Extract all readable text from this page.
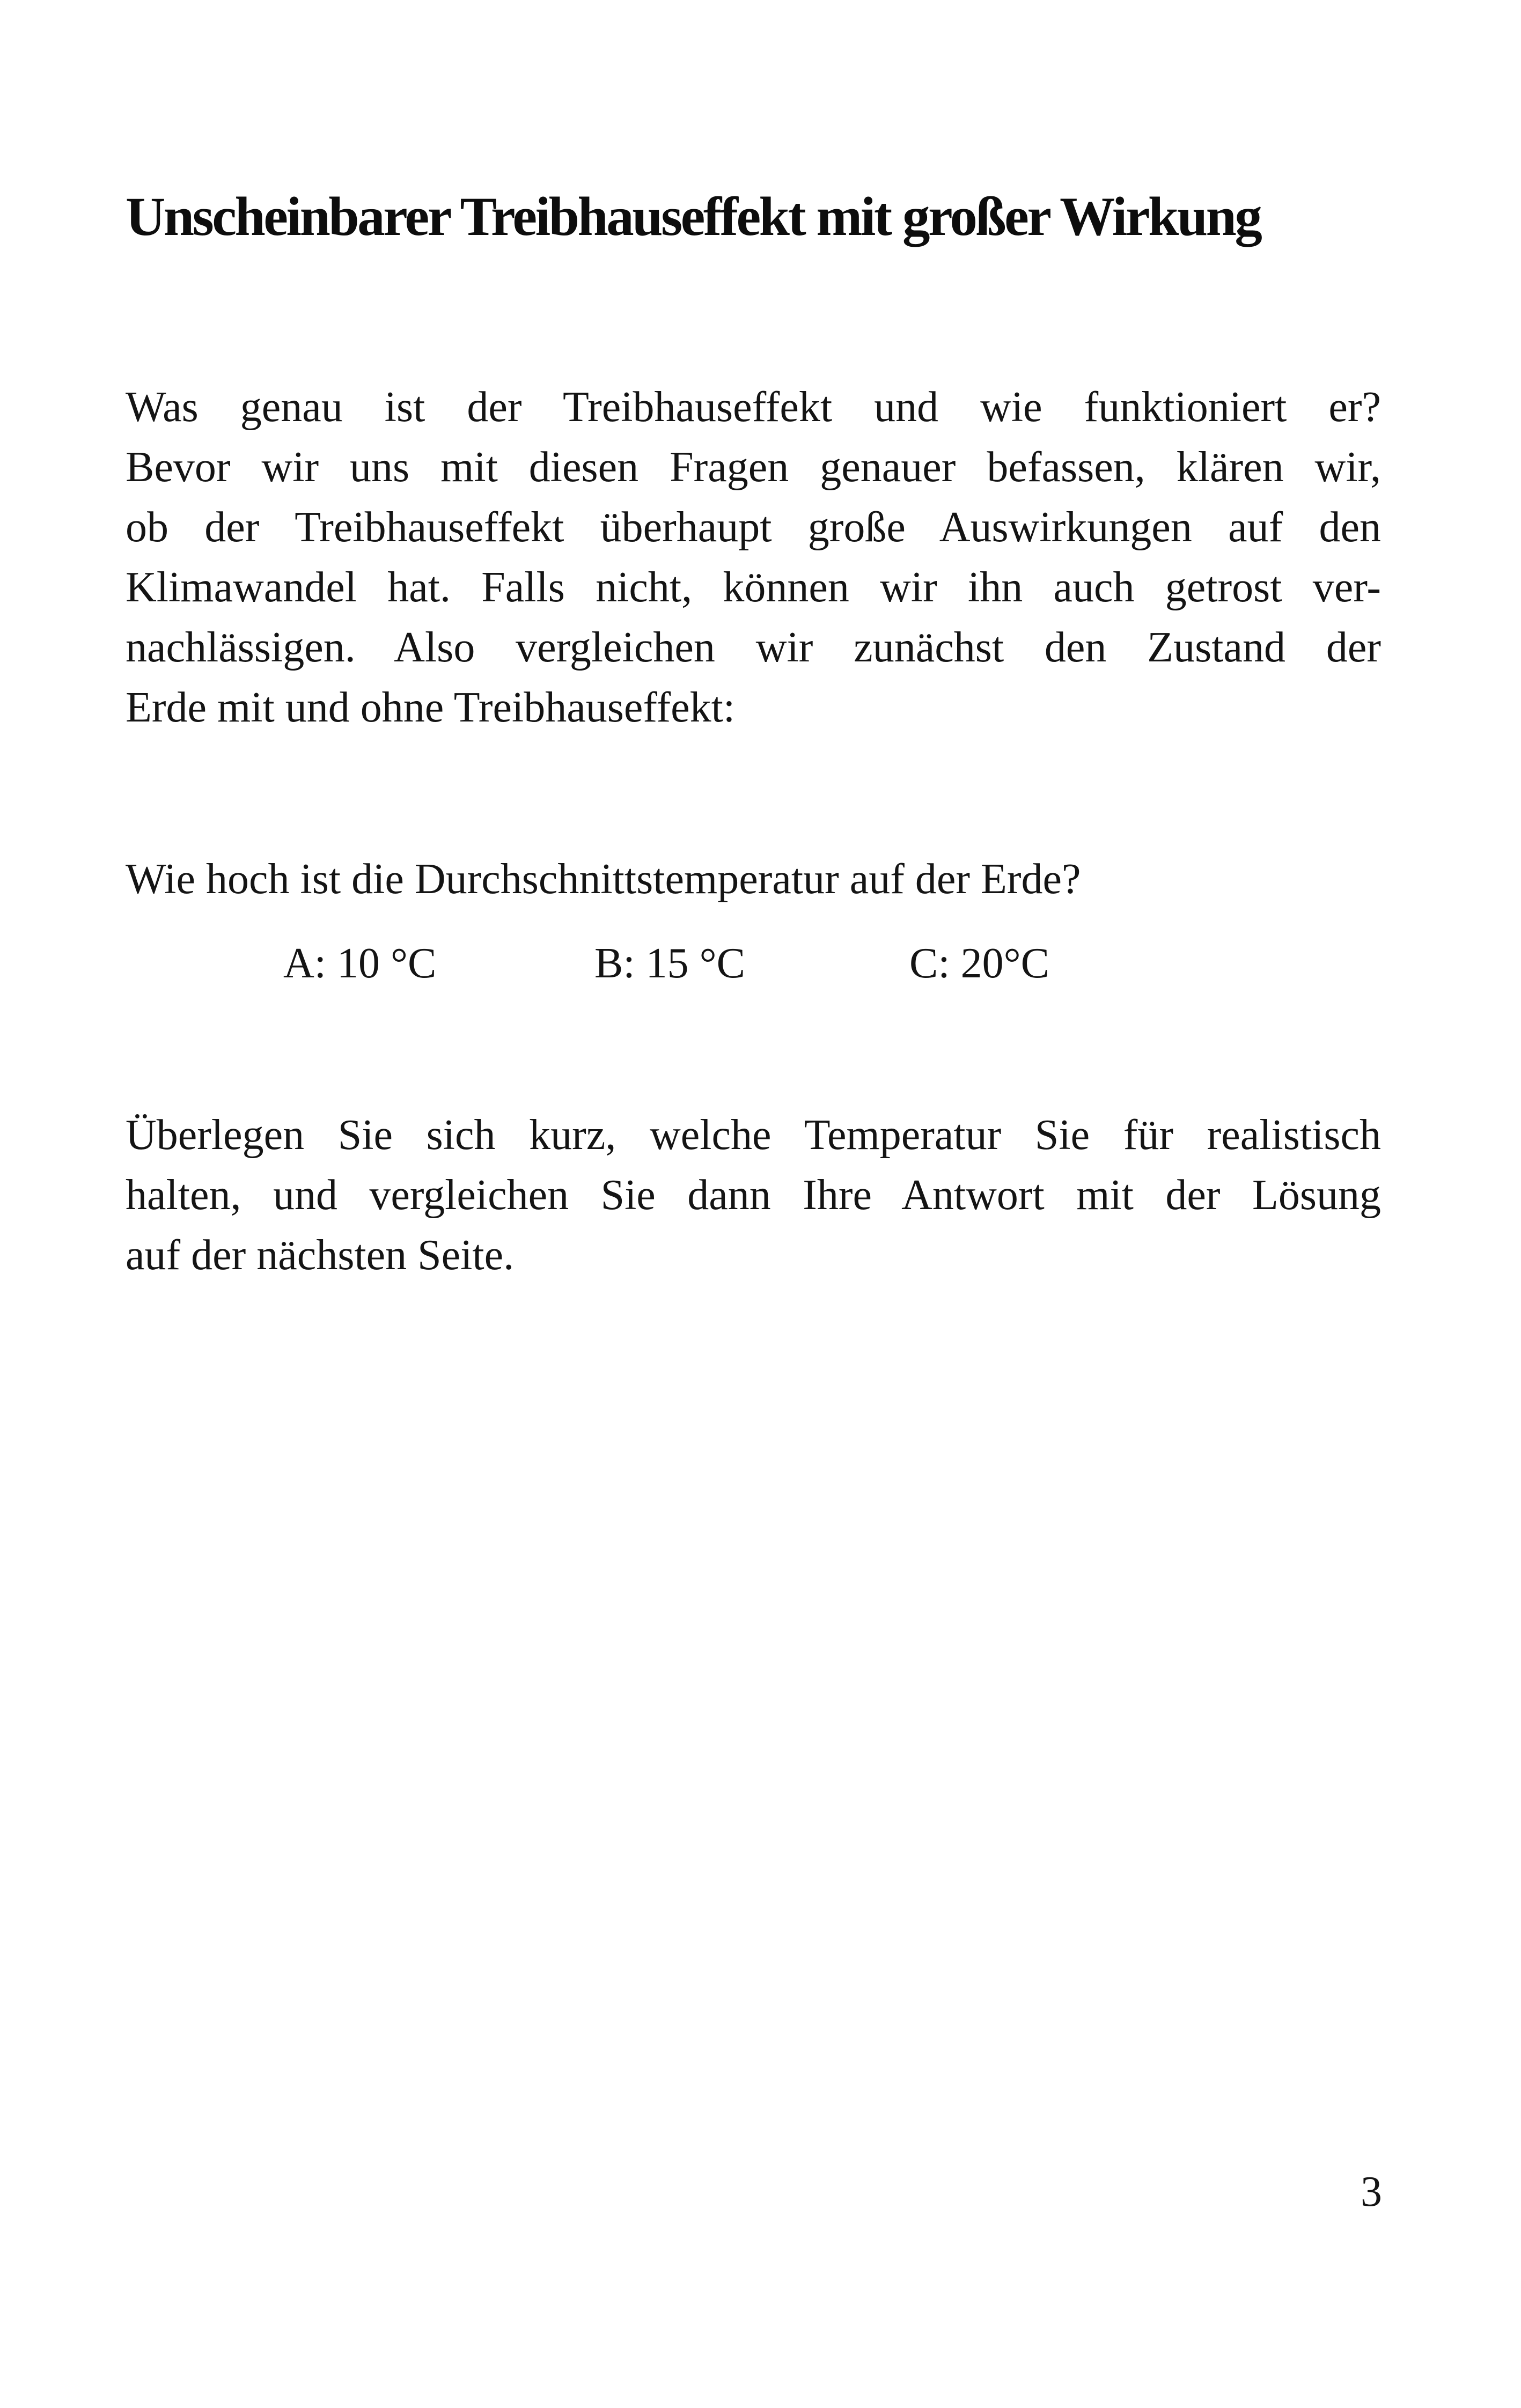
Unscheinbarer Treibhauseffekt mit großer Wirkung

Was genau ist der Treibhauseffekt und wie funktioniert er?
Bevor wir uns mit diesen Fragen genauer befassen, klären wir,
ob der Treibhauseffekt überhaupt große Auswirkungen auf den
Klimawandel hat. Falls nicht, können wir ihn auch getrost ver-
nachlässigen. Also vergleichen wir zunächst den Zustand der
Erde mit und ohne Treibhauseffekt:

Wie hoch ist die Durchschnittstemperatur auf der Erde?

A: 10 °C	B: 15 °C	C: 20°C

Überlegen Sie sich kurz, welche Temperatur Sie für realistisch
halten, und vergleichen Sie dann Ihre Antwort mit der Lösung
auf der nächsten Seite.

3
